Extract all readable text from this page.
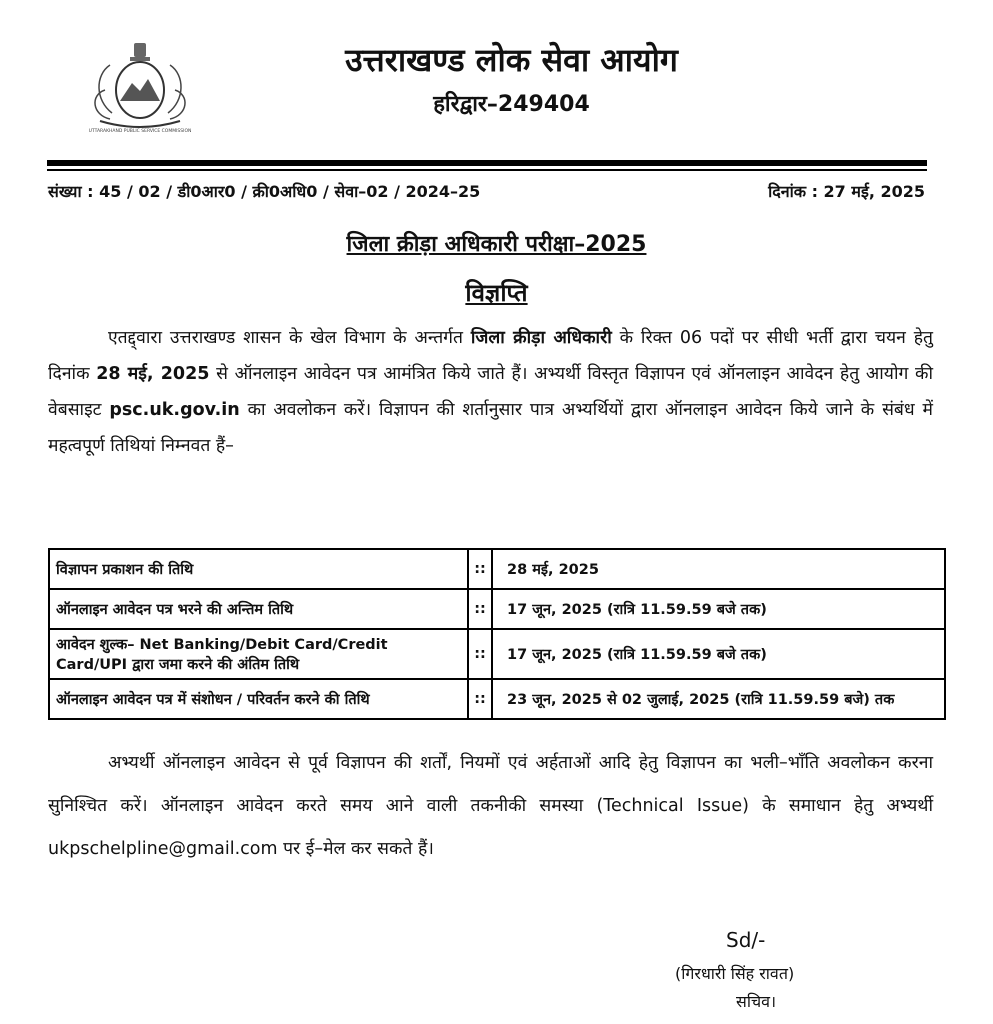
UTTARAKHAND PUBLIC SERVICE COMMISSION
उत्तराखण्ड लोक सेवा आयोग
हरिद्वार–249404
संख्या : 45 / 02 / डी0आर0 / क्री0अधि0 / सेवा–02 / 2024–25	दिनांक : 27 मई, 2025
जिला क्रीड़ा अधिकारी परीक्षा–2025
विज्ञप्ति
एतद्द्वारा उत्तराखण्ड शासन के खेल विभाग के अन्तर्गत जिला क्रीड़ा अधिकारी के रिक्त 06 पदों पर सीधी भर्ती द्वारा चयन हेतु दिनांक 28 मई, 2025 से ऑनलाइन आवेदन पत्र आमंत्रित किये जाते हैं। अभ्यर्थी विस्तृत विज्ञापन एवं ऑनलाइन आवेदन हेतु आयोग की वेबसाइट psc.uk.gov.in का अवलोकन करें। विज्ञापन की शर्तानुसार पात्र अभ्यर्थियों द्वारा ऑनलाइन आवेदन किये जाने के संबंध में महत्वपूर्ण तिथियां निम्नवत हैं–
विज्ञापन प्रकाशन की तिथि	::	28 मई, 2025
ऑनलाइन आवेदन पत्र भरने की अन्तिम तिथि	::	17 जून, 2025 (रात्रि 11.59.59 बजे तक)
आवेदन शुल्क– Net Banking/Debit Card/Credit Card/UPI द्वारा जमा करने की अंतिम तिथि	::	17 जून, 2025 (रात्रि 11.59.59 बजे तक)
ऑनलाइन आवेदन पत्र में संशोधन / परिवर्तन करने की तिथि	::	23 जून, 2025 से 02 जुलाई, 2025 (रात्रि 11.59.59 बजे) तक
अभ्यर्थी ऑनलाइन आवेदन से पूर्व विज्ञापन की शर्तों, नियमों एवं अर्हताओं आदि हेतु विज्ञापन का भली–भाँति अवलोकन करना सुनिश्चित करें। ऑनलाइन आवेदन करते समय आने वाली तकनीकी समस्या (Technical Issue) के समाधान हेतु अभ्यर्थी ukpschelpline@gmail.com पर ई–मेल कर सकते हैं।
Sd/-
(गिरधारी सिंह रावत)
सचिव।
